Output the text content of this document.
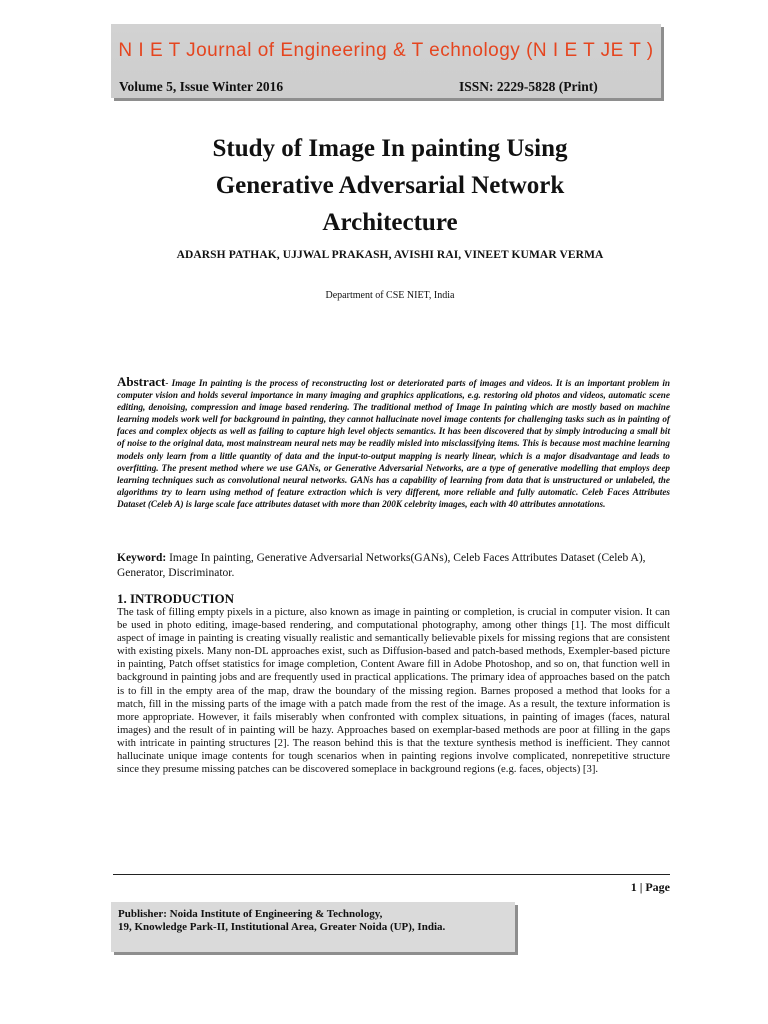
N I E T Journal of Engineering & T echnology (N I E T JE T )
Volume 5, Issue Winter 2016	ISSN: 2229-5828 (Print)
Study of Image In painting Using
Generative Adversarial Network
Architecture
ADARSH PATHAK, UJJWAL PRAKASH, AVISHI RAI, VINEET KUMAR VERMA
Department of CSE NIET, India
Abstract- Image In painting is the process of reconstructing lost or deteriorated parts of images and videos. It is an important problem in computer vision and holds several importance in many imaging and graphics applications, e.g. restoring old photos and videos, automatic scene editing, denoising, compression and image based rendering. The traditional method of Image In painting which are mostly based on machine learning models work well for background in painting, they cannot hallucinate novel image contents for challenging tasks such as in painting of faces and complex objects as well as failing to capture high level objects semantics. It has been discovered that by simply introducing a small bit of noise to the original data, most mainstream neural nets may be readily misled into misclassifying items. This is because most machine learning models only learn from a little quantity of data and the input-to-output mapping is nearly linear, which is a major disadvantage and leads to overfitting. The present method where we use GANs, or Generative Adversarial Networks, are a type of generative modelling that employs deep learning techniques such as convolutional neural networks. GANs has a capability of learning from data that is unstructured or unlabeled, the algorithms try to learn using method of feature extraction which is very different, more reliable and fully automatic. Celeb Faces Attributes Dataset (Celeb A) is large scale face attributes dataset with more than 200K celebrity images, each with 40 attributes annotations.
Keyword: Image In painting, Generative Adversarial Networks(GANs), Celeb Faces Attributes Dataset (Celeb A), Generator, Discriminator.
1. INTRODUCTION
The task of filling empty pixels in a picture, also known as image in painting or completion, is crucial in computer vision. It can be used in photo editing, image-based rendering, and computational photography, among other things [1]. The most difficult aspect of image in painting is creating visually realistic and semantically believable pixels for missing regions that are consistent with existing pixels. Many non-DL approaches exist, such as Diffusion-based and patch-based methods, Exempler-based picture in painting, Patch offset statistics for image completion, Content Aware fill in Adobe Photoshop, and so on, that function well in background in painting jobs and are frequently used in practical applications. The primary idea of approaches based on the patch is to fill in the empty area of the map, draw the boundary of the missing region. Barnes proposed a method that looks for a match, fill in the missing parts of the image with a patch made from the rest of the image. As a result, the texture information is more appropriate. However, it fails miserably when confronted with complex situations, in painting of images (faces, natural images) and the result of in painting will be hazy. Approaches based on exemplar-based methods are poor at filling in the gaps with intricate in painting structures [2]. The reason behind this is that the texture synthesis method is inefficient. They cannot hallucinate unique image contents for tough scenarios when in painting regions involve complicated, nonrepetitive structure since they presume missing patches can be discovered someplace in background regions (e.g. faces, objects) [3].
1 | Page
Publisher: Noida Institute of Engineering & Technology,
19, Knowledge Park-II, Institutional Area, Greater Noida (UP), India.
